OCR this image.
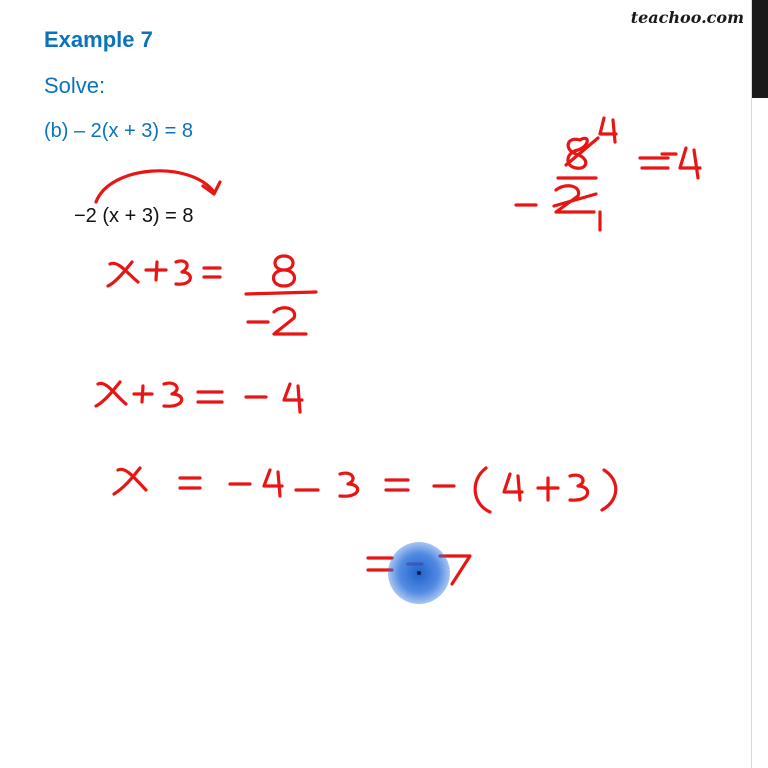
teachoo.com
Example 7
Solve:
(b) – 2(x + 3) = 8
−2 (x + 3) = 8
